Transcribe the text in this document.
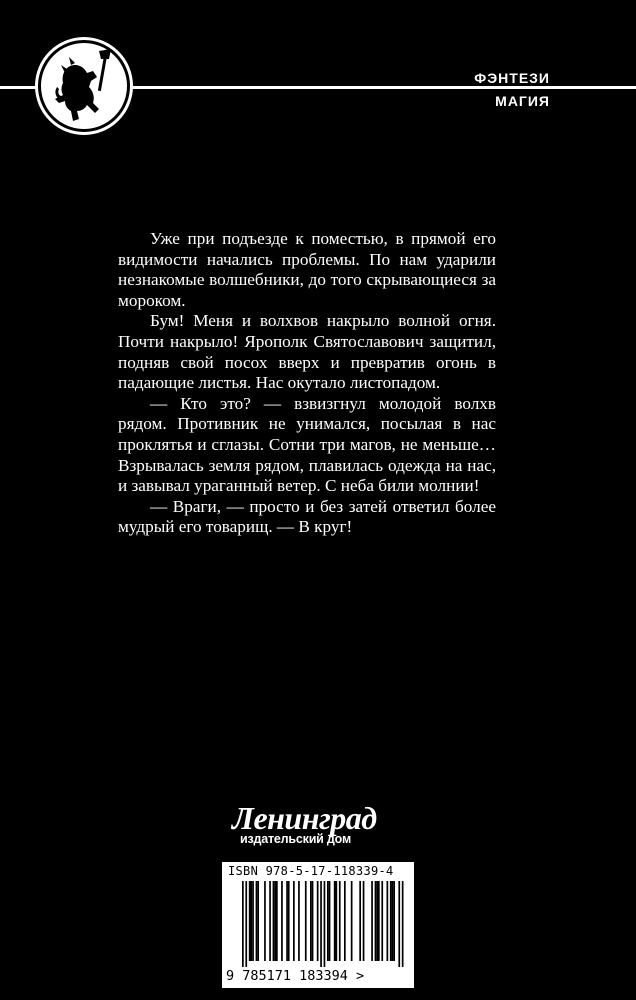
ФЭНТЕЗИ
МАГИЯ

Уже при подъезде к поместью, в прямой его видимости начались проблемы. По нам ударили незнакомые волшебники, до того скрывающиеся за мороком.

Бум! Меня и волхвов накрыло волной огня. Почти накрыло! Ярополк Святославович защитил, подняв свой посох вверх и превратив огонь в падающие листья. Нас окутало листопадом.

— Кто это? — взвизгнул молодой волхв рядом. Противник не унимался, посылая в нас проклятья и сглазы. Сотни три магов, не меньше… Взрывалась земля рядом, плавилась одежда на нас, и завывал ураганный ветер. С неба били молнии!

— Враги, — просто и без затей ответил более мудрый его товарищ. — В круг!

Ленинград
издательский дом
ISBN 978-5-17-118339-4
9 785171 183394 >
